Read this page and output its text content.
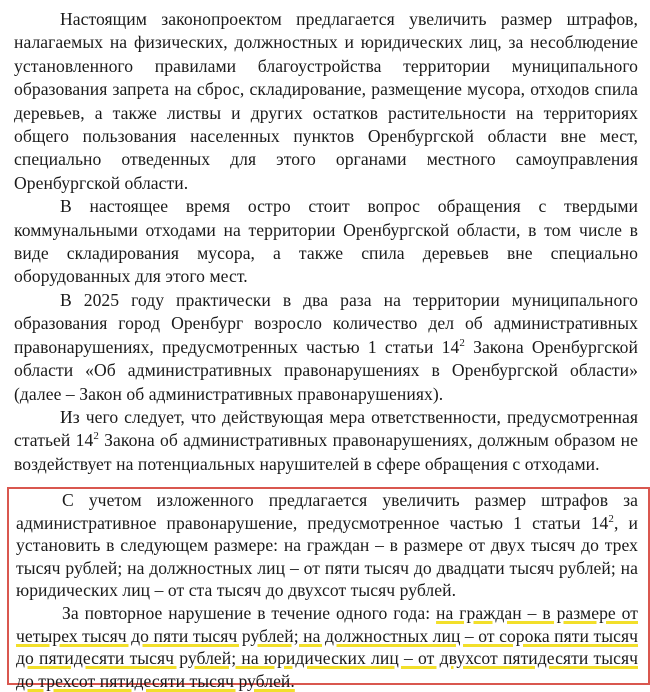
Настоящим законопроектом предлагается увеличить размер штрафов, налагаемых на физических, должностных и юридических лиц, за несоблюдение установленного правилами благоустройства территории муниципального образования запрета на сброс, складирование, размещение мусора, отходов спила деревьев, а также листвы и других остатков растительности на территориях общего пользования населенных пунктов Оренбургской области вне мест, специально отведенных для этого органами местного самоуправления Оренбургской области.

В настоящее время остро стоит вопрос обращения с твердыми коммунальными отходами на территории Оренбургской области, в том числе в виде складирования мусора, а также спила деревьев вне специально оборудованных для этого мест.

В 2025 году практически в два раза на территории муниципального образования город Оренбург возросло количество дел об административных правонарушениях, предусмотренных частью 1 статьи $14^2$ Закона Оренбургской области «Об административных правонарушениях в Оренбургской области» (далее – Закон об административных правонарушениях).

Из чего следует, что действующая мера ответственности, предусмотренная статьей $14^2$ Закона об административных правонарушениях, должным образом не воздействует на потенциальных нарушителей в сфере обращения с отходами.

С учетом изложенного предлагается увеличить размер штрафов за административное правонарушение, предусмотренное частью 1 статьи $14^2$, и установить в следующем размере: на граждан – в размере от двух тысяч до трех тысяч рублей; на должностных лиц – от пяти тысяч до двадцати тысяч рублей; на юридических лиц – от ста тысяч до двухсот тысяч рублей.

За повторное нарушение в течение одного года: на граждан – в размере от четырех тысяч до пяти тысяч рублей; на должностных лиц – от сорока пяти тысяч до пятидесяти тысяч рублей; на юридических лиц – от двухсот пятидесяти тысяч до трехсот пятидесяти тысяч рублей.
